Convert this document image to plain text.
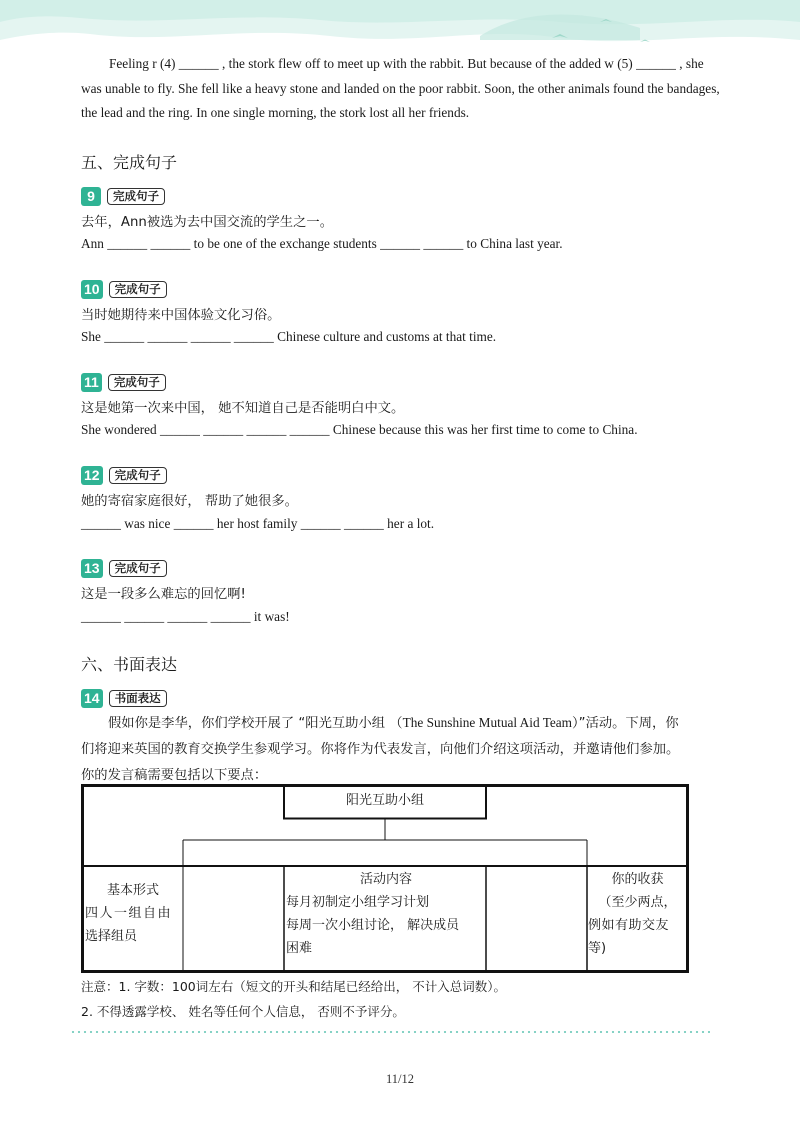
Feeling r (4) ______ , the stork flew off to meet up with the rabbit. But because of the added w (5) ______ , she was unable to fly. She fell like a heavy stone and landed on the poor rabbit. Soon, the other animals found the bandages, the lead and the ring. In one single morning, the stork lost all her friends.
五、完成句子
9	完成句子
去年，Ann被选为去中国交流的学生之一。
Ann ______ ______ to be one of the exchange students ______ ______ to China last year.
10	完成句子
当时她期待来中国体验文化习俗。
She ______ ______ ______ ______ Chinese culture and customs at that time.
11	完成句子
这是她第一次来中国， 她不知道自己是否能明白中文。
She wondered ______ ______ ______ ______ Chinese because this was her first time to come to China.
12	完成句子
她的寄宿家庭很好， 帮助了她很多。
______ was nice ______ her host family ______ ______ her a lot.
13	完成句子
这是一段多么难忘的回忆啊!
______ ______ ______ ______ it was!
六、书面表达
14	书面表达
假如你是李华，你们学校开展了 “阳光互助小组 （The Sunshine Mutual Aid Team）”活动。下周，你们将迎来英国的教育交换学生参观学习。你将作为代表发言，向他们介绍这项活动，并邀请他们参加。你的发言稿需要包括以下要点：
阳光互助小组
基本形式
四人一组自由
选择组员
活动内容
每月初制定小组学习计划
每周一次小组讨论， 解决成员
困难
你的收获
（至少两点，
例如有助交友
等)
注意：1. 字数：100词左右（短文的开头和结尾已经给出， 不计入总词数）。
2. 不得透露学校、 姓名等任何个人信息， 否则不予评分。
11/12
